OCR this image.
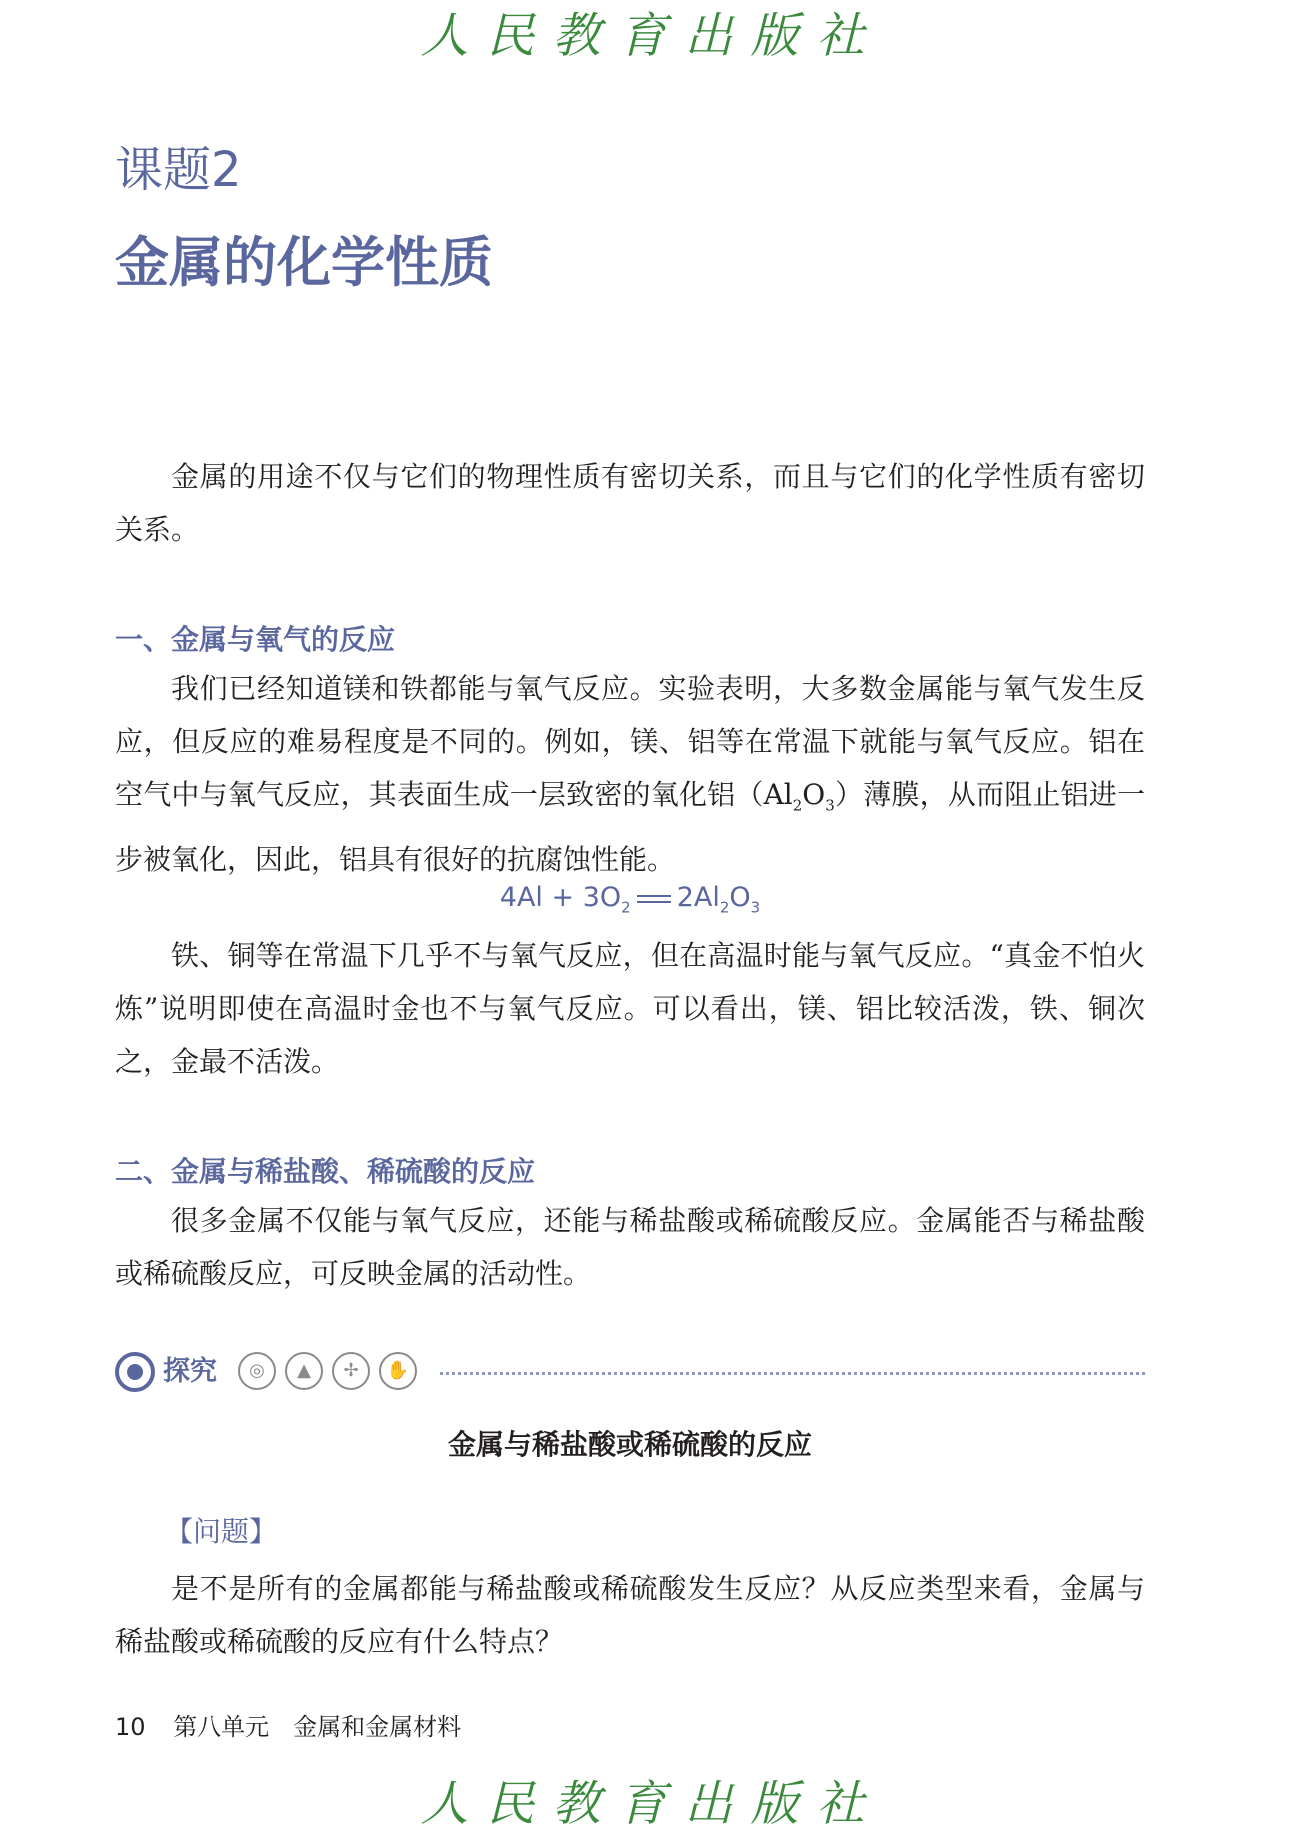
人民教育出版社
课题2
金属的化学性质

金属的用途不仅与它们的物理性质有密切关系，而且与它们的化学性质有密切关系。

一、金属与氧气的反应

我们已经知道镁和铁都能与氧气反应。实验表明，大多数金属能与氧气发生反应，但反应的难易程度是不同的。例如，镁、铝等在常温下就能与氧气反应。铝在空气中与氧气反应，其表面生成一层致密的氧化铝$(Al_2O_3)$薄膜，从而阻止铝进一步被氧化，因此，铝具有很好的抗腐蚀性能。

$4Al + 3O_2$ $2Al_2O_3$

铁、铜等在常温下几乎不与氧气反应，但在高温时能与氧气反应。“真金不怕火炼”说明即使在高温时金也不与氧气反应。可以看出，镁、铝比较活泼，铁、铜次之，金最不活泼。

二、金属与稀盐酸、稀硫酸的反应

很多金属不仅能与氧气反应，还能与稀盐酸或稀硫酸反应。金属能否与稀盐酸或稀硫酸反应，可反映金属的活动性。

探究	◎	▲	✢	✋
金属与稀盐酸或稀硫酸的反应
【问题】

是不是所有的金属都能与稀盐酸或稀硫酸发生反应？从反应类型来看，金属与稀盐酸或稀硫酸的反应有什么特点？

10 第八单元　金属和金属材料
人民教育出版社
